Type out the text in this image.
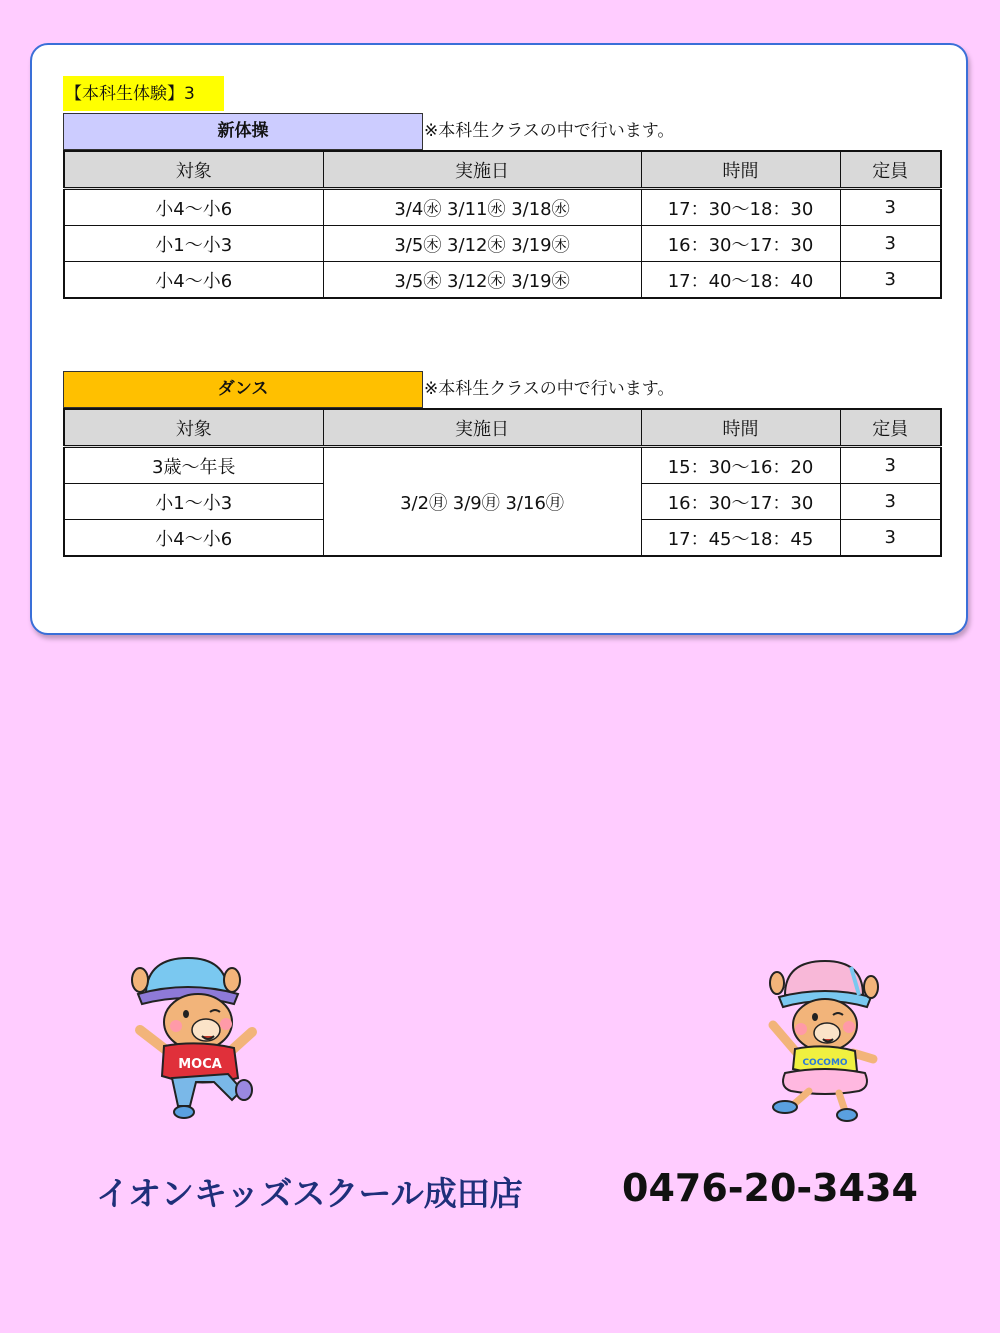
【本科生体験】3
新体操	※本科生クラスの中で行います。
対象	実施日	時間	定員
小4～小6	3/4㊌ 3/11㊌ 3/18㊌	17：30～18：30	3
小1～小3	3/5㊍ 3/12㊍ 3/19㊍	16：30～17：30	3
小4～小6	3/5㊍ 3/12㊍ 3/19㊍	17：40～18：40	3
ダンス	※本科生クラスの中で行います。
対象	実施日	時間	定員
3歳～年長	3/2㊊ 3/9㊊ 3/16㊊	15：30～16：20	3
小1～小3		16：30～17：30	3
小4～小6		17：45～18：45	3
MOCA	COCOMO
イオンキッズスクール成田店	0476-20-3434
